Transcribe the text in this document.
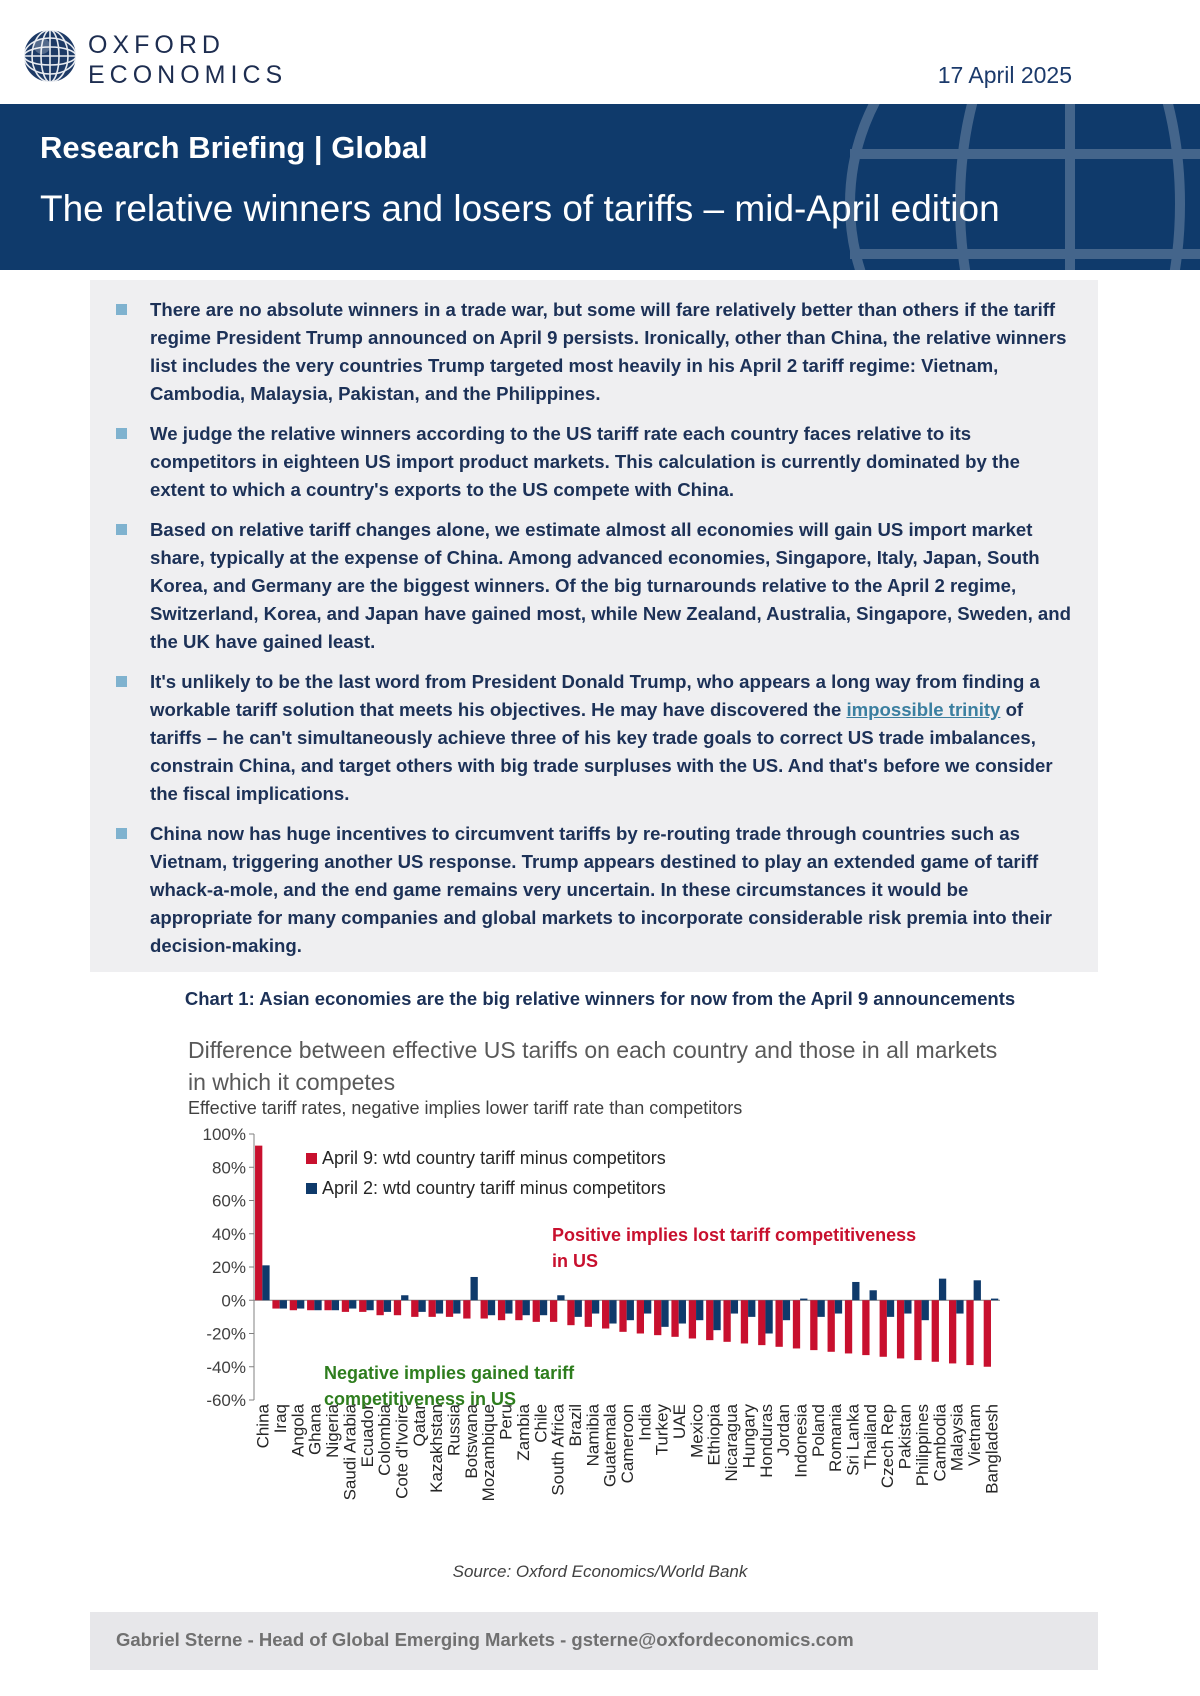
OXFORD
ECONOMICS	17 April 2025
Research Briefing | Global
The relative winners and losers of tariffs – mid-April edition
There are no absolute winners in a trade war, but some will fare relatively better than others if the tariff regime President Trump announced on April 9 persists. Ironically, other than China, the relative winners list includes the very countries Trump targeted most heavily in his April 2 tariff regime: Vietnam, Cambodia, Malaysia, Pakistan, and the Philippines.
We judge the relative winners according to the US tariff rate each country faces relative to its competitors in eighteen US import product markets. This calculation is currently dominated by the extent to which a country's exports to the US compete with China.
Based on relative tariff changes alone, we estimate almost all economies will gain US import market share, typically at the expense of China. Among advanced economies, Singapore, Italy, Japan, South Korea, and Germany are the biggest winners. Of the big turnarounds relative to the April 2 regime, Switzerland, Korea, and Japan have gained most, while New Zealand, Australia, Singapore, Sweden, and the UK have gained least.
It's unlikely to be the last word from President Donald Trump, who appears a long way from finding a workable tariff solution that meets his objectives. He may have discovered the impossible trinity of tariffs – he can't simultaneously achieve three of his key trade goals to correct US trade imbalances, constrain China, and target others with big trade surpluses with the US. And that's before we consider the fiscal implications.
China now has huge incentives to circumvent tariffs by re-routing trade through countries such as Vietnam, triggering another US response. Trump appears destined to play an extended game of tariff whack-a-mole, and the end game remains very uncertain. In these circumstances it would be appropriate for many companies and global markets to incorporate considerable risk premia into their decision-making.
Chart 1: Asian economies are the big relative winners for now from the April 9 announcements
Difference between effective US tariffs on each country and those in all markets in which it competes
Effective tariff rates, negative implies lower tariff rate than competitors
100%
80%
60%
40%
20%
0%
-20%
-40%
-60%
China
Iraq
Angola
Ghana
Nigeria
Saudi Arabia
Ecuador
Colombia
Cote d'Ivoire
Qatar
Kazakhstan
Russia
Botswana
Mozambique
Peru
Zambia
Chile
South Africa
Brazil
Namibia
Guatemala
Cameroon
India
Turkey
UAE
Mexico
Ethiopia
Nicaragua
Hungary
Honduras
Jordan
Indonesia
Poland
Romania
Sri Lanka
Thailand
Czech Rep
Pakistan
Philippines
Cambodia
Malaysia
Vietnam
Bangladesh
April 9: wtd country tariff minus competitors
April 2: wtd country tariff minus competitors
Positive implies lost tariff competitiveness in US
Negative implies gained tariff competitiveness in US
Source: Oxford Economics/World Bank
Gabriel Sterne - Head of Global Emerging Markets - gsterne@oxfordeconomics.com
